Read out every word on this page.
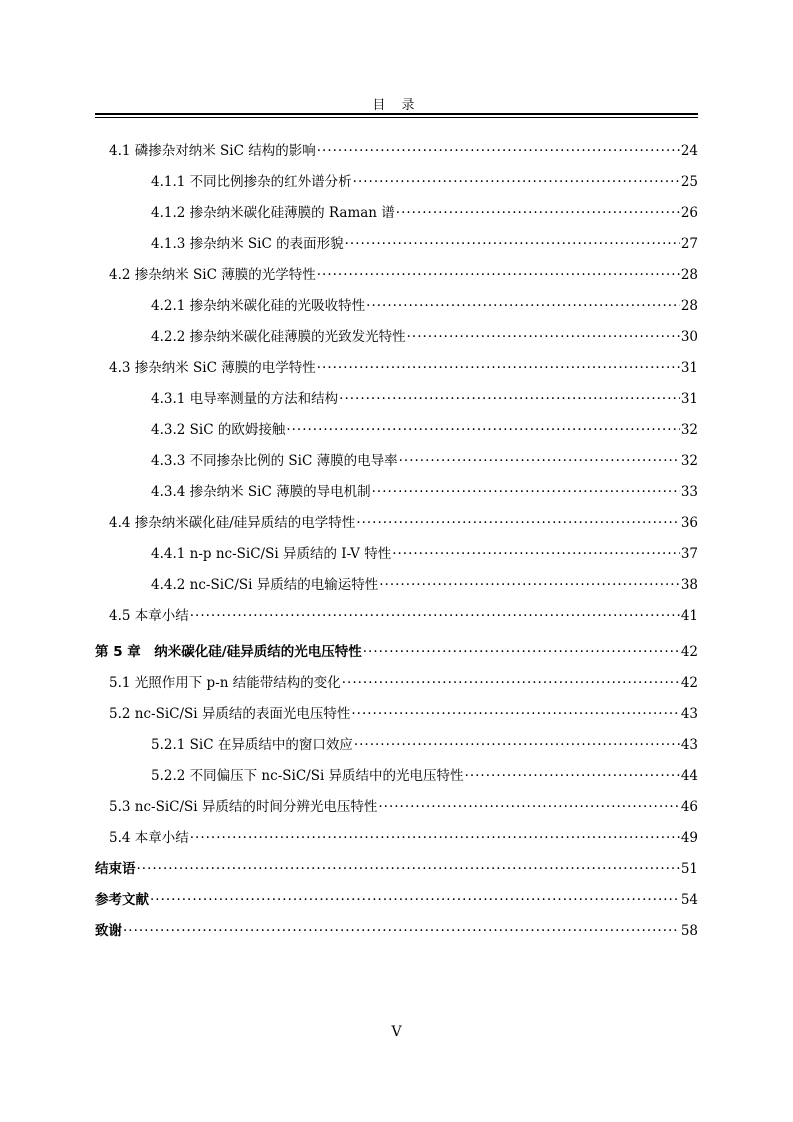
目 录
4.1 磷掺杂对纳米 SiC 结构的影响 ·····	24
4.1.1 不同比例掺杂的红外谱分析 ·····	25
4.1.2 掺杂纳米碳化硅薄膜的 Raman 谱 ·····	26
4.1.3 掺杂纳米 SiC 的表面形貌 ·····	27
4.2 掺杂纳米 SiC 薄膜的光学特性 ·····	28
4.2.1 掺杂纳米碳化硅的光吸收特性 ·····	28
4.2.2 掺杂纳米碳化硅薄膜的光致发光特性 ·····	30
4.3 掺杂纳米 SiC 薄膜的电学特性 ·····	31
4.3.1 电导率测量的方法和结构 ·····	31
4.3.2 SiC 的欧姆接触 ·····	32
4.3.3 不同掺杂比例的 SiC 薄膜的电导率 ·····	32
4.3.4 掺杂纳米 SiC 薄膜的导电机制 ·····	33
4.4 掺杂纳米碳化硅/硅异质结的电学特性 ·····	36
4.4.1 n-p nc-SiC/Si 异质结的 I-V 特性 ·····	37
4.4.2 nc-SiC/Si 异质结的电输运特性 ·····	38
4.5 本章小结 ·····	41
第 5 章　纳米碳化硅/硅异质结的光电压特性 ·····	42
5.1 光照作用下 p-n 结能带结构的变化 ·····	42
5.2 nc-SiC/Si 异质结的表面光电压特性 ·····	43
5.2.1 SiC 在异质结中的窗口效应 ·····	43
5.2.2 不同偏压下 nc-SiC/Si 异质结中的光电压特性 ·····	44
5.3 nc-SiC/Si 异质结的时间分辨光电压特性 ·····	46
5.4 本章小结 ·····	49
结束语 ·····	51
参考文献 ·····	54
致谢 ·····	58
V
